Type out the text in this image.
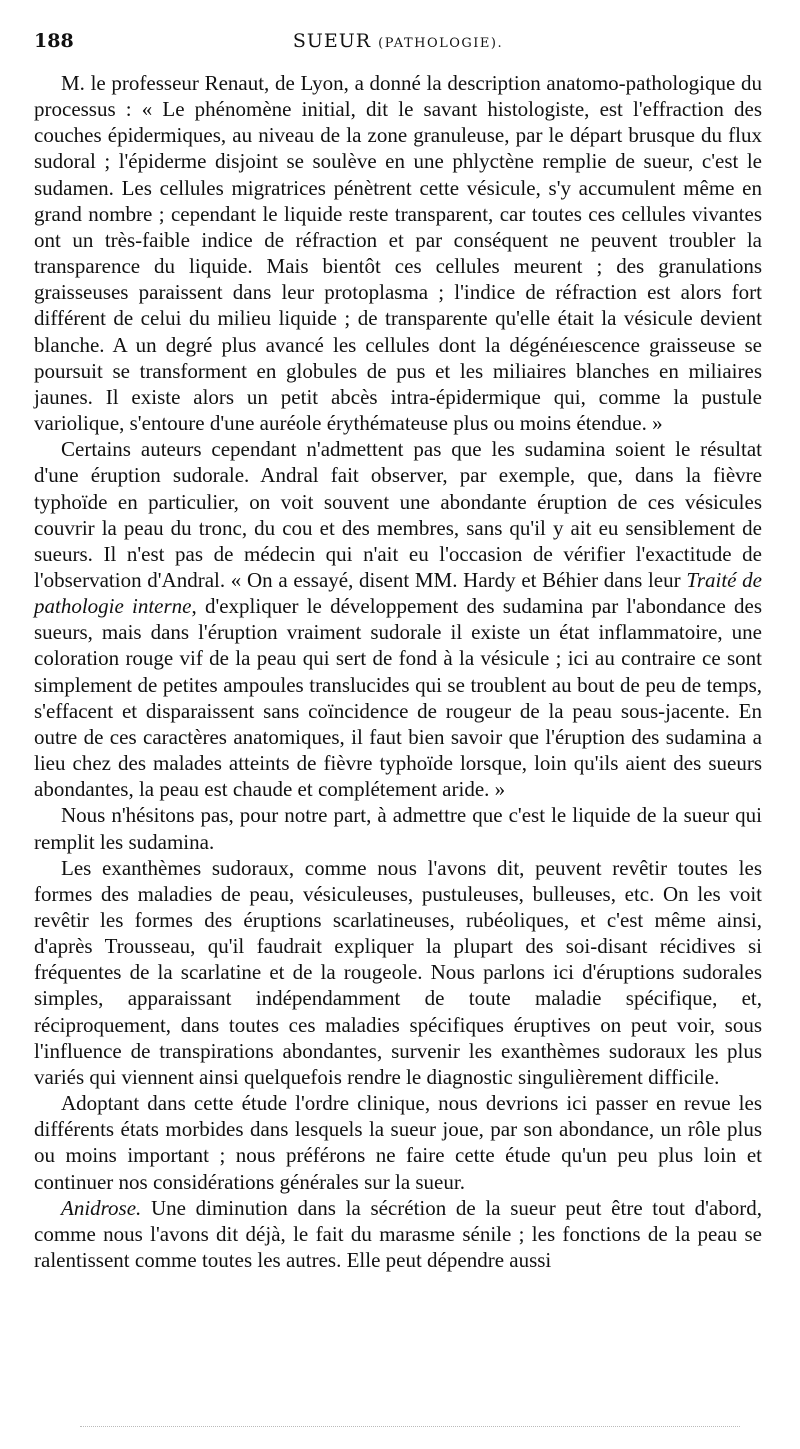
188	SUEUR (PATHOLOGIE).

M. le professeur Renaut, de Lyon, a donné la description anatomo-pathologique du processus : « Le phénomène initial, dit le savant histologiste, est l'effraction des couches épidermiques, au niveau de la zone granuleuse, par le départ brusque du flux sudoral ; l'épiderme disjoint se soulève en une phlyctène remplie de sueur, c'est le sudamen. Les cellules migratrices pénètrent cette vésicule, s'y accumulent même en grand nombre ; cependant le liquide reste transparent, car toutes ces cellules vivantes ont un très-faible indice de réfraction et par conséquent ne peuvent troubler la transparence du liquide. Mais bientôt ces cellules meurent ; des granulations graisseuses paraissent dans leur protoplasma ; l'indice de réfraction est alors fort différent de celui du milieu liquide ; de transparente qu'elle était la vésicule devient blanche. A un degré plus avancé les cellules dont la dégénéıescence graisseuse se poursuit se transforment en globules de pus et les miliaires blanches en miliaires jaunes. Il existe alors un petit abcès intra-épidermique qui, comme la pustule variolique, s'entoure d'une auréole érythémateuse plus ou moins étendue. »

Certains auteurs cependant n'admettent pas que les sudamina soient le résultat d'une éruption sudorale. Andral fait observer, par exemple, que, dans la fièvre typhoïde en particulier, on voit souvent une abondante éruption de ces vésicules couvrir la peau du tronc, du cou et des membres, sans qu'il y ait eu sensiblement de sueurs. Il n'est pas de médecin qui n'ait eu l'occasion de vérifier l'exactitude de l'observation d'Andral. « On a essayé, disent MM. Hardy et Béhier dans leur Traité de pathologie interne, d'expliquer le développement des sudamina par l'abondance des sueurs, mais dans l'éruption vraiment sudorale il existe un état inflammatoire, une coloration rouge vif de la peau qui sert de fond à la vésicule ; ici au contraire ce sont simplement de petites ampoules translucides qui se troublent au bout de peu de temps, s'effacent et disparaissent sans coïncidence de rougeur de la peau sous-jacente. En outre de ces caractères anatomiques, il faut bien savoir que l'éruption des sudamina a lieu chez des malades atteints de fièvre typhoïde lorsque, loin qu'ils aient des sueurs abondantes, la peau est chaude et complétement aride. »

Nous n'hésitons pas, pour notre part, à admettre que c'est le liquide de la sueur qui remplit les sudamina.

Les exanthèmes sudoraux, comme nous l'avons dit, peuvent revêtir toutes les formes des maladies de peau, vésiculeuses, pustuleuses, bulleuses, etc. On les voit revêtir les formes des éruptions scarlatineuses, rubéoliques, et c'est même ainsi, d'après Trousseau, qu'il faudrait expliquer la plupart des soi-disant récidives si fréquentes de la scarlatine et de la rougeole. Nous parlons ici d'éruptions sudorales simples, apparaissant indépendamment de toute maladie spécifique, et, réciproquement, dans toutes ces maladies spécifiques éruptives on peut voir, sous l'influence de transpirations abondantes, survenir les exanthèmes sudoraux les plus variés qui viennent ainsi quelquefois rendre le diagnostic singulièrement difficile.

Adoptant dans cette étude l'ordre clinique, nous devrions ici passer en revue les différents états morbides dans lesquels la sueur joue, par son abondance, un rôle plus ou moins important ; nous préférons ne faire cette étude qu'un peu plus loin et continuer nos considérations générales sur la sueur.

Anidrose. Une diminution dans la sécrétion de la sueur peut être tout d'abord, comme nous l'avons dit déjà, le fait du marasme sénile ; les fonctions de la peau se ralentissent comme toutes les autres. Elle peut dépendre aussi
